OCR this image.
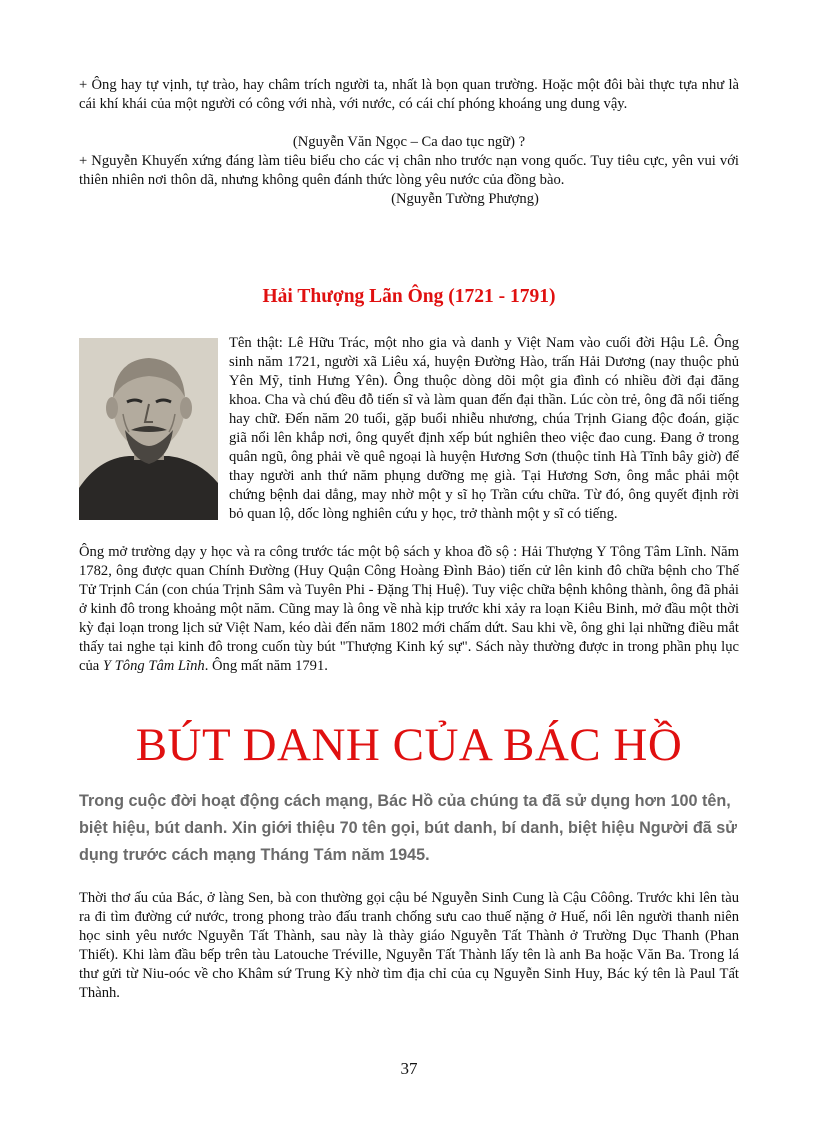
+ Ông hay tự vịnh, tự trào, hay châm trích người ta, nhất là bọn quan trường. Hoặc một đôi bài thực tựa như là cái khí khái của một người có công với nhà, với nước, có cái chí phóng khoáng ung dung vậy.
(Nguyễn Văn Ngọc – Ca dao tục ngữ) ?
+ Nguyễn Khuyến xứng đáng làm tiêu biểu cho các vị chân nho trước nạn vong quốc. Tuy tiêu cực, yên vui với thiên nhiên nơi thôn dã, nhưng không quên đánh thức lòng yêu nước của đồng bào.
(Nguyễn Tường Phượng)
Hải Thượng Lãn Ông (1721 - 1791)
Tên thật: Lê Hữu Trác, một nho gia và danh y Việt Nam vào cuối đời Hậu Lê. Ông sinh năm 1721, người xã Liêu xá, huyện Đường Hào, trấn Hải Dương (nay thuộc phủ Yên Mỹ, tỉnh Hưng Yên). Ông thuộc dòng dõi một gia đình có nhiều đời đại đăng khoa. Cha và chú đều đỗ tiến sĩ và làm quan đến đại thần. Lúc còn trẻ, ông đã nổi tiếng hay chữ. Đến năm 20 tuổi, gặp buổi nhiễu nhương, chúa Trịnh Giang độc đoán, giặc giã nổi lên khắp nơi, ông quyết định xếp bút nghiên theo việc đao cung. Đang ở trong quân ngũ, ông phải về quê ngoại là huyện Hương Sơn (thuộc tỉnh Hà Tĩnh bây giờ) để thay người anh thứ năm phụng dưỡng mẹ già. Tại Hương Sơn, ông mắc phải một chứng bệnh dai dẳng, may nhờ một y sĩ họ Trần cứu chữa. Từ đó, ông quyết định rời bỏ quan lộ, dốc lòng nghiên cứu y học, trở thành một y sĩ có tiếng.
Ông mở trường dạy y học và ra công trước tác một bộ sách y khoa đồ sộ : Hải Thượng Y Tông Tâm Lĩnh. Năm 1782, ông được quan Chính Đường (Huy Quận Công Hoàng Đình Bảo) tiến cử lên kinh đô chữa bệnh cho Thế Tử Trịnh Cán (con chúa Trịnh Sâm và Tuyên Phi - Đặng Thị Huệ). Tuy việc chữa bệnh không thành, ông đã phải ở kinh đô trong khoảng một năm. Cũng may là ông về nhà kịp trước khi xảy ra loạn Kiêu Binh, mở đầu một thời kỳ đại loạn trong lịch sử Việt Nam, kéo dài đến năm 1802 mới chấm dứt. Sau khi về, ông ghi lại những điều mắt thấy tai nghe tại kinh đô trong cuốn tùy bút "Thượng Kinh ký sự". Sách này thường được in trong phần phụ lục của Y Tông Tâm Lĩnh. Ông mất năm 1791.
BÚT DANH CỦA BÁC HỒ
Trong cuộc đời hoạt động cách mạng, Bác Hồ của chúng ta đã sử dụng hơn 100 tên, biệt hiệu, bút danh. Xin giới thiệu 70 tên gọi, bút danh, bí danh, biệt hiệu Người đã sử dụng trước cách mạng Tháng Tám năm 1945.
Thời thơ ấu của Bác, ở làng Sen, bà con thường gọi cậu bé Nguyễn Sinh Cung là Cậu Côông. Trước khi lên tàu ra đi tìm đường cứ nước, trong phong trào đấu tranh chống sưu cao thuế nặng ở Huế, nổi lên người thanh niên học sinh yêu nước Nguyễn Tất Thành, sau này là thày giáo Nguyễn Tất Thành ở Trường Dục Thanh (Phan Thiết). Khi làm đầu bếp trên tàu Latouche Tréville, Nguyễn Tất Thành lấy tên là anh Ba hoặc Văn Ba. Trong lá thư gửi từ Niu-oóc về cho Khâm sứ Trung Kỳ nhờ tìm địa chỉ của cụ Nguyễn Sinh Huy, Bác ký tên là Paul Tất Thành.
37
